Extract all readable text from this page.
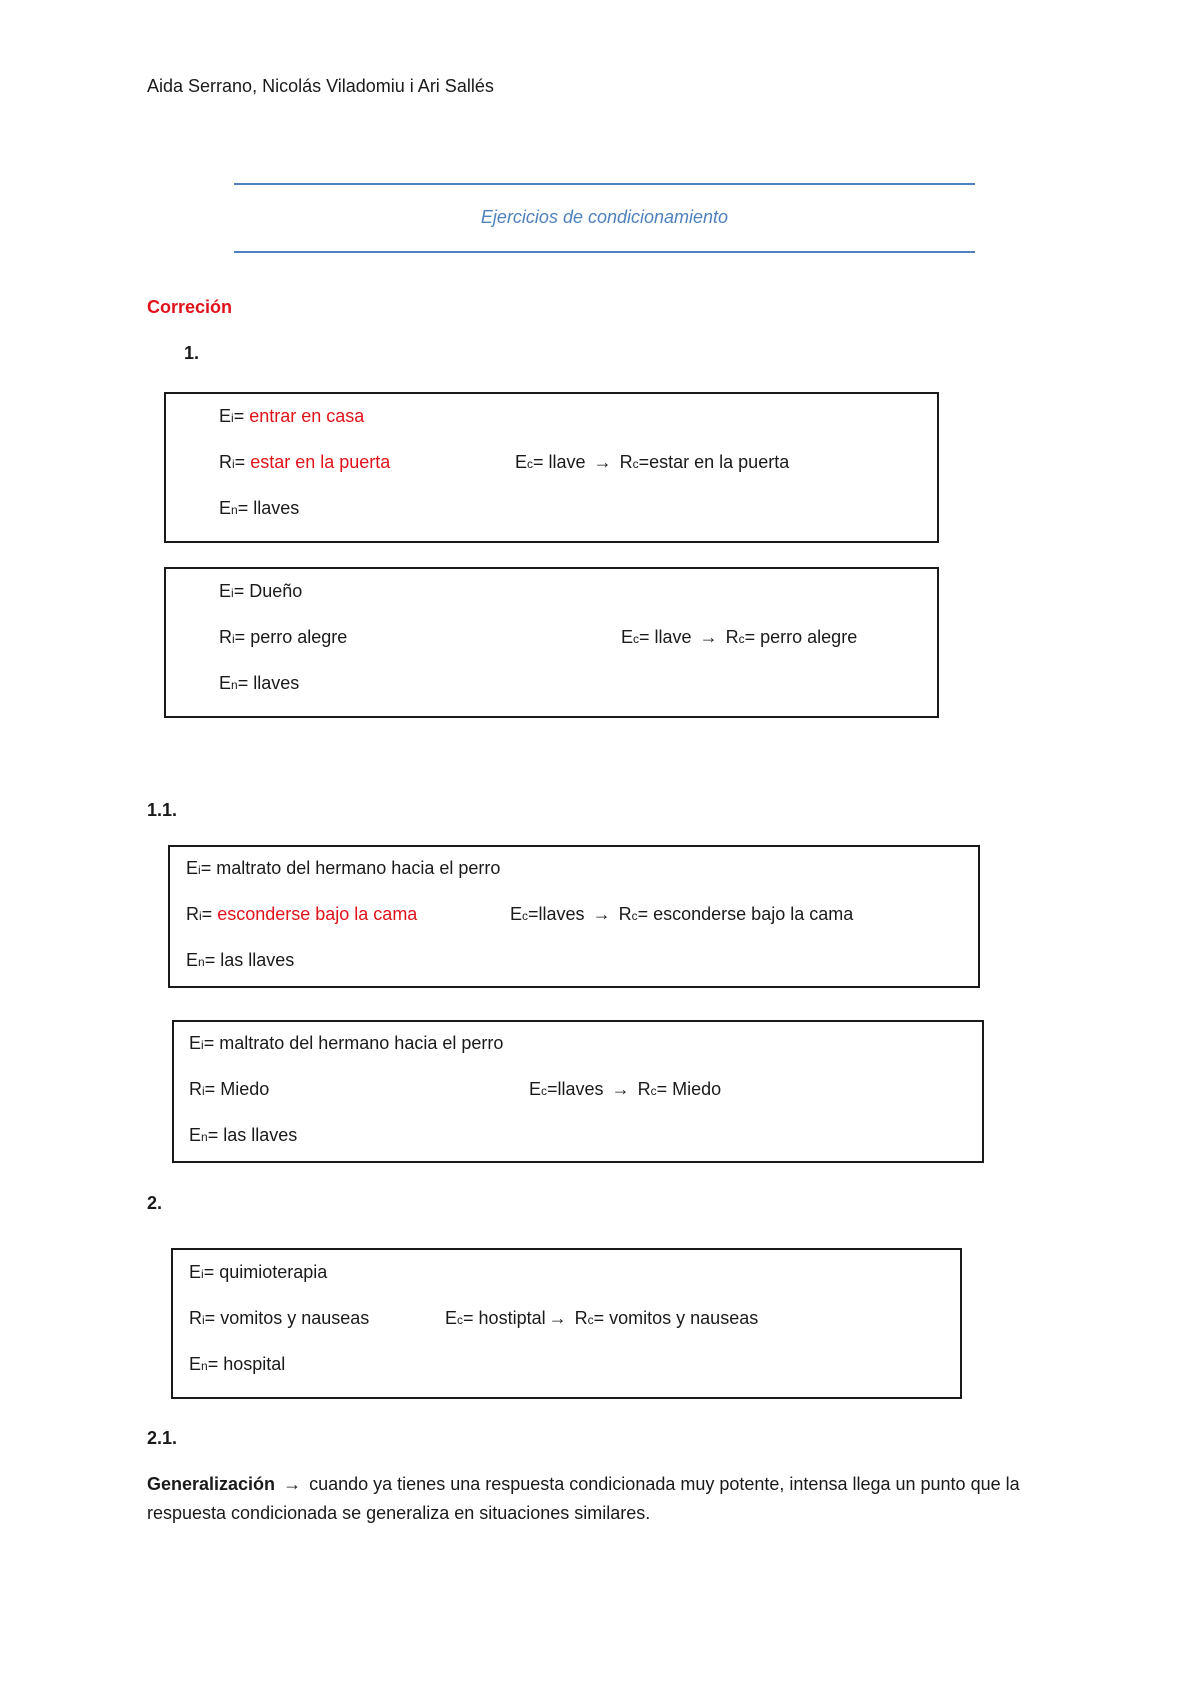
Aida Serrano, Nicolás Viladomiu i Ari Sallés
Ejercicios de condicionamiento
Correción
1.
Ei= entrar en casa
Ri= estar en la puerta	Ec= llave → Rc=estar en la puerta
En= llaves
Ei= Dueño
Ri= perro alegre	Ec= llave → Rc= perro alegre
En= llaves
1.1.
Ei= maltrato del hermano hacia el perro
Ri= esconderse bajo la cama	Ec=llaves → Rc= esconderse bajo la cama
En= las llaves
Ei= maltrato del hermano hacia el perro
Ri= Miedo	Ec=llaves → Rc= Miedo
En= las llaves
2.
Ei= quimioterapia
Ri= vomitos y nauseas	Ec= hostiptal → Rc= vomitos y nauseas
En= hospital
2.1.
Generalización → cuando ya tienes una respuesta condicionada muy potente, intensa llega un punto que la respuesta condicionada se generaliza en situaciones similares.
